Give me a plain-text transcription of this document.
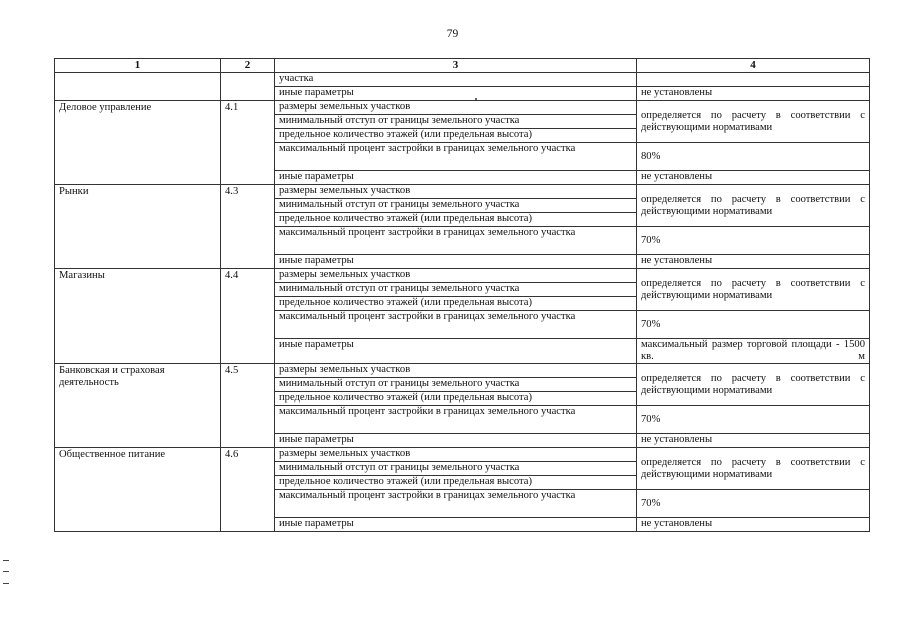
79
1	2	3	4
		участка	
		иные параметры	не установлены
Деловое управление	4.1	размеры земельных участков	определяется по расчету в соответствии с действующими нормативами
		минимальный отступ от границы земельного участка	
		предельное количество этажей (или предельная высота)	
		максимальный процент застройки в границах земельного участка	80%
		иные параметры	не установлены
Рынки	4.3	размеры земельных участков	определяется по расчету в соответствии с действующими нормативами
		минимальный отступ от границы земельного участка	
		предельное количество этажей (или предельная высота)	
		максимальный процент застройки в границах земельного участка	70%
		иные параметры	не установлены
Магазины	4.4	размеры земельных участков	определяется по расчету в соответствии с действующими нормативами
		минимальный отступ от границы земельного участка	
		предельное количество этажей (или предельная высота)	
		максимальный процент застройки в границах земельного участка	70%
		иные параметры	максимальный размер торговой площади - 1500 кв. м
Банковская и страховая деятельность	4.5	размеры земельных участков	определяется по расчету в соответствии с действующими нормативами
		минимальный отступ от границы земельного участка	
		предельное количество этажей (или предельная высота)	
		максимальный процент застройки в границах земельного участка	70%
		иные параметры	не установлены
Общественное питание	4.6	размеры земельных участков	определяется по расчету в соответствии с действующими нормативами
		минимальный отступ от границы земельного участка	
		предельное количество этажей (или предельная высота)	
		максимальный процент застройки в границах земельного участка	70%
		иные параметры	не установлены
